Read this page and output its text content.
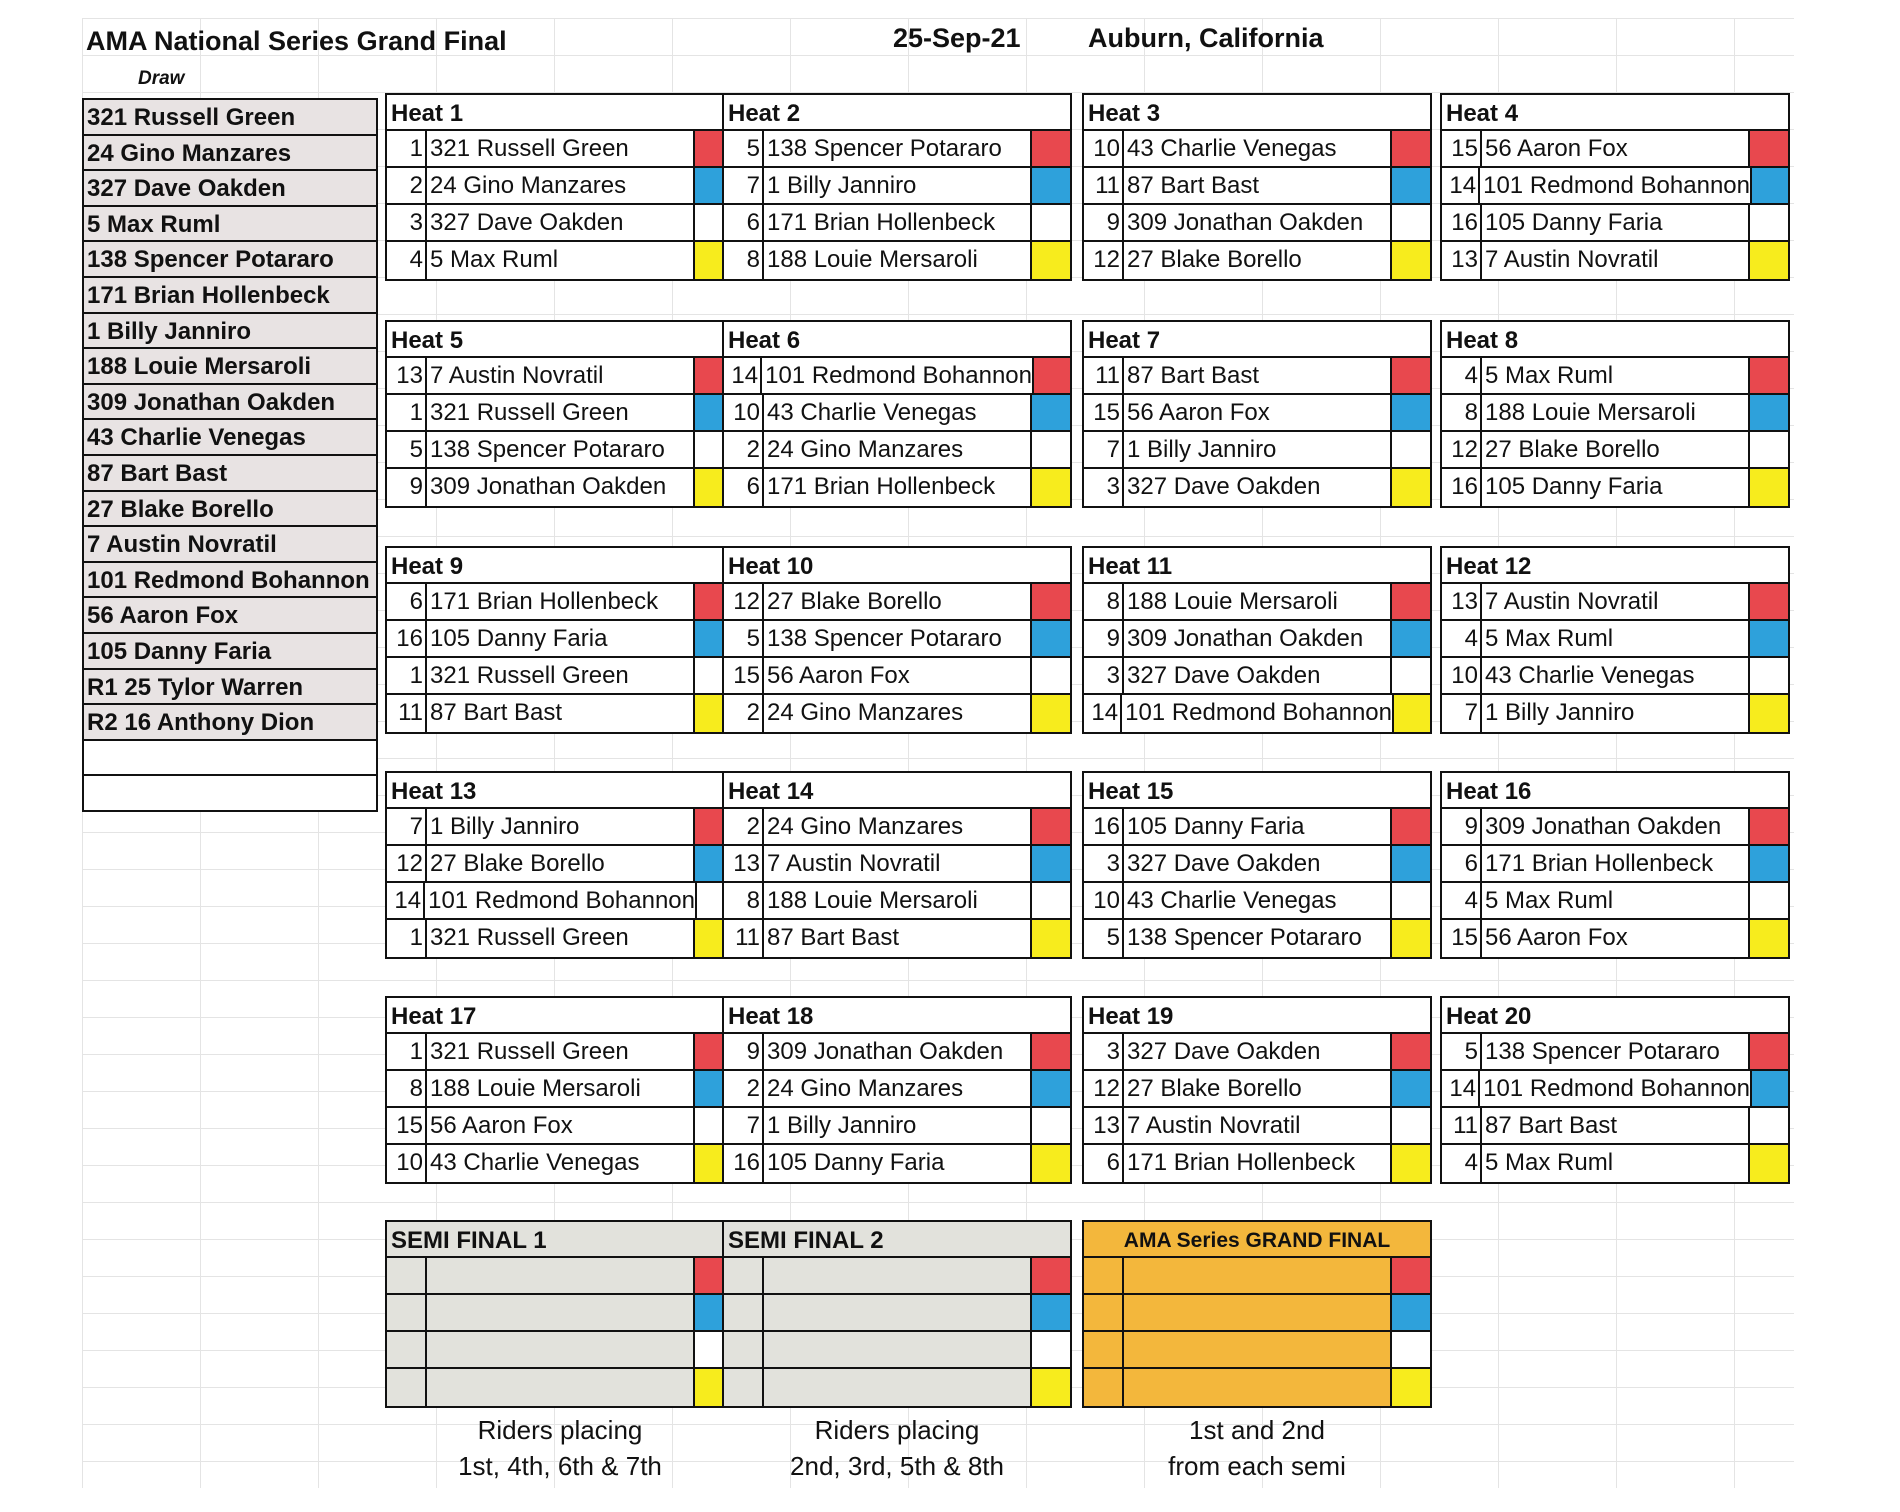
AMA National Series Grand Final	25-Sep-21 Auburn, California
Draw
321 Russell Green
24 Gino Manzares
327 Dave Oakden
5 Max Ruml
138 Spencer Potararo
171 Brian Hollenbeck
1 Billy Janniro
188 Louie Mersaroli
309 Jonathan Oakden
43 Charlie Venegas
87 Bart Bast
27 Blake Borello
7 Austin Novratil
101 Redmond Bohannon
56 Aaron Fox
105 Danny Faria
R1 25 Tylor Warren
R2 16 Anthony Dion
Heat 1
1 321 Russell Green
2 24 Gino Manzares
3 327 Dave Oakden
4 5 Max Ruml
Heat 2
5 138 Spencer Potararo
7 1 Billy Janniro
6 171 Brian Hollenbeck
8 188 Louie Mersaroli
Heat 3
10 43 Charlie Venegas
11 87 Bart Bast
9 309 Jonathan Oakden
12 27 Blake Borello
Heat 4
15 56 Aaron Fox
14 101 Redmond Bohannon
16 105 Danny Faria
13 7 Austin Novratil
Heat 5
13 7 Austin Novratil
1 321 Russell Green
5 138 Spencer Potararo
9 309 Jonathan Oakden
Heat 6
14 101 Redmond Bohannon
10 43 Charlie Venegas
2 24 Gino Manzares
6 171 Brian Hollenbeck
Heat 7
11 87 Bart Bast
15 56 Aaron Fox
7 1 Billy Janniro
3 327 Dave Oakden
Heat 8
4 5 Max Ruml
8 188 Louie Mersaroli
12 27 Blake Borello
16 105 Danny Faria
Heat 9
6 171 Brian Hollenbeck
16 105 Danny Faria
1 321 Russell Green
11 87 Bart Bast
Heat 10
12 27 Blake Borello
5 138 Spencer Potararo
15 56 Aaron Fox
2 24 Gino Manzares
Heat 11
8 188 Louie Mersaroli
9 309 Jonathan Oakden
3 327 Dave Oakden
14 101 Redmond Bohannon
Heat 12
13 7 Austin Novratil
4 5 Max Ruml
10 43 Charlie Venegas
7 1 Billy Janniro
Heat 13
7 1 Billy Janniro
12 27 Blake Borello
14 101 Redmond Bohannon
1 321 Russell Green
Heat 14
2 24 Gino Manzares
13 7 Austin Novratil
8 188 Louie Mersaroli
11 87 Bart Bast
Heat 15
16 105 Danny Faria
3 327 Dave Oakden
10 43 Charlie Venegas
5 138 Spencer Potararo
Heat 16
9 309 Jonathan Oakden
6 171 Brian Hollenbeck
4 5 Max Ruml
15 56 Aaron Fox
Heat 17
1 321 Russell Green
8 188 Louie Mersaroli
15 56 Aaron Fox
10 43 Charlie Venegas
Heat 18
9 309 Jonathan Oakden
2 24 Gino Manzares
7 1 Billy Janniro
16 105 Danny Faria
Heat 19
3 327 Dave Oakden
12 27 Blake Borello
13 7 Austin Novratil
6 171 Brian Hollenbeck
Heat 20
5 138 Spencer Potararo
14 101 Redmond Bohannon
11 87 Bart Bast
4 5 Max Ruml
SEMI FINAL 1
Riders placing
1st, 4th, 6th & 7th
SEMI FINAL 2
Riders placing
2nd, 3rd, 5th & 8th
AMA Series GRAND FINAL
1st and 2nd
from each semi
